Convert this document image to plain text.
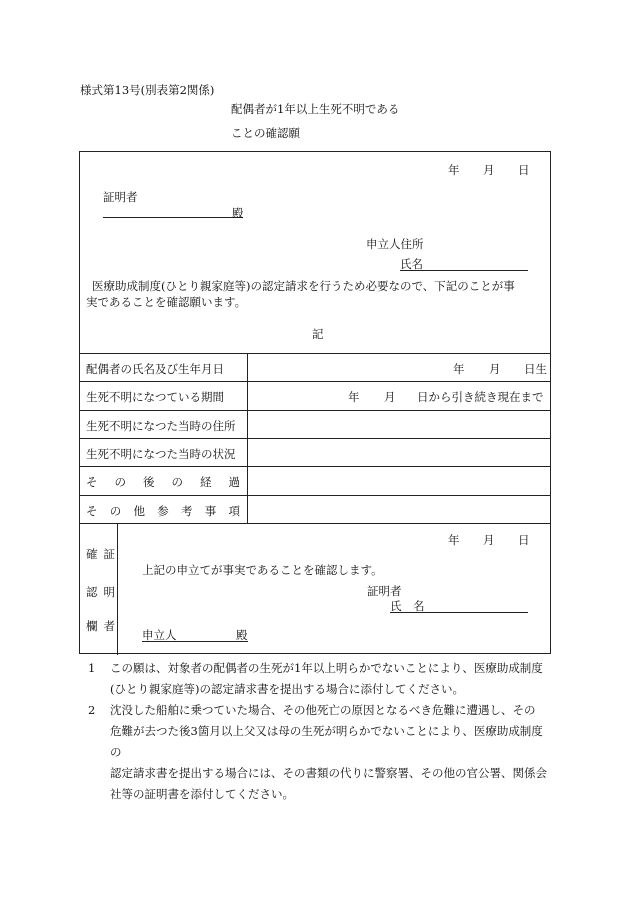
様式第13号(別表第2関係)
配偶者が1年以上生死不明である
ことの確認願
年 月 日
証明者
殿
申立人住所
氏名
医療助成制度(ひとり親家庭等)の認定請求を行うため必要なので、下記のことが事
実であることを確認願います。
記
配偶者の氏名及び生年月日	年 月 日生
生死不明になつている期間	年 月 日から引き続き現在まで
生死不明になつた当時の住所
生死不明になつた当時の状況
そ の 後 の 経 過
そ の 他 参 考 事 項
確証
認明
欄者
年 月 日
上記の申立てが事実であることを確認します。
証明者
氏　名
申立人	殿
1 この願は、対象者の配偶者の生死が1年以上明らかでないことにより、医療助成制度
(ひとり親家庭等)の認定請求書を提出する場合に添付してください。
2 沈没した船舶に乗つていた場合、その他死亡の原因となるべき危難に遭遇し、その
危難が去つた後3箇月以上父又は母の生死が明らかでないことにより、医療助成制度の
認定請求書を提出する場合には、その書類の代りに警察署、その他の官公署、関係会社等の証明書を添付してください。
